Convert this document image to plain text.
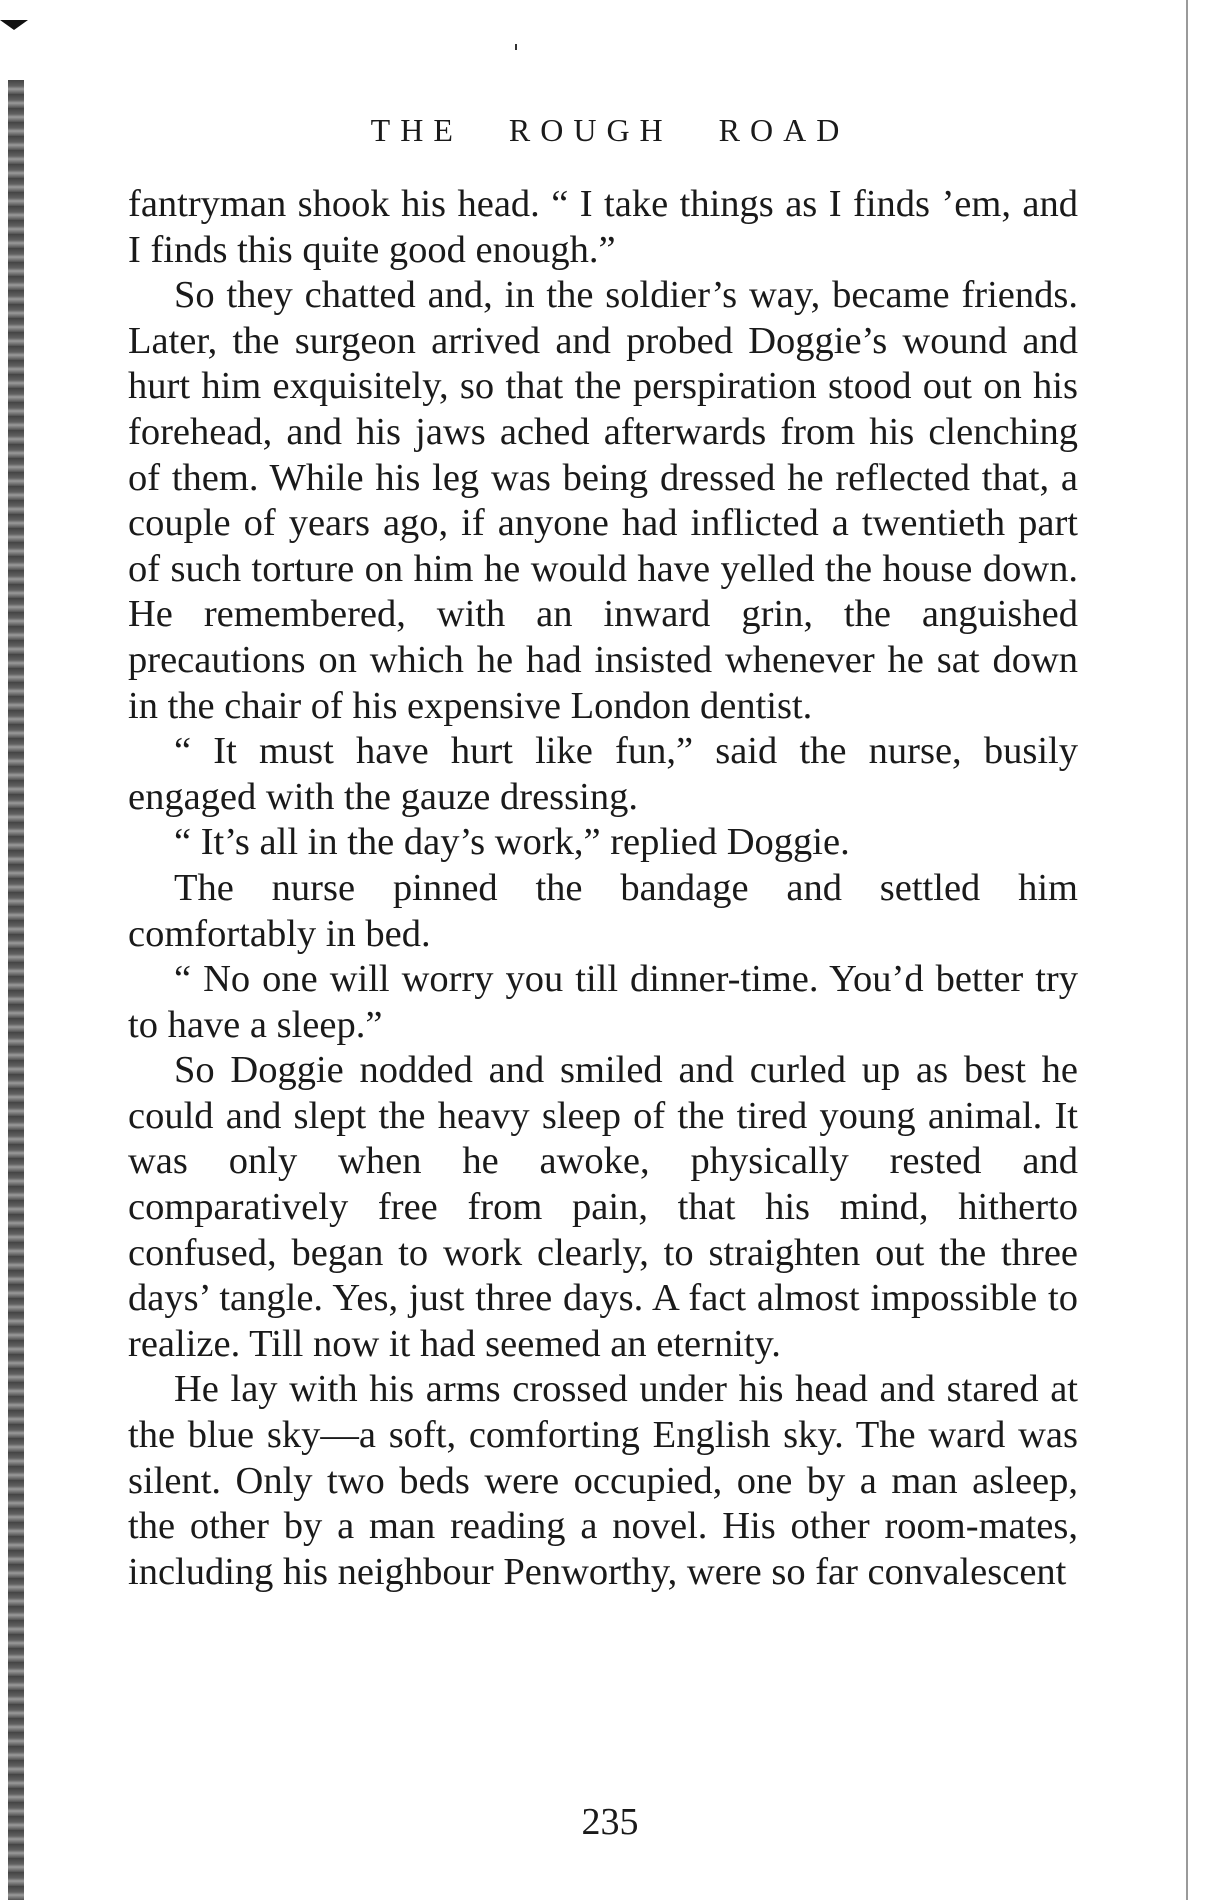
THE ROUGH ROAD

fantryman shook his head. “ I take things as I finds ’em, and I finds this quite good enough.”

So they chatted and, in the soldier’s way, became friends. Later, the surgeon arrived and probed Doggie’s wound and hurt him exquisitely, so that the perspiration stood out on his forehead, and his jaws ached afterwards from his clenching of them. While his leg was being dressed he reflected that, a couple of years ago, if anyone had inflicted a twentieth part of such torture on him he would have yelled the house down. He remembered, with an inward grin, the anguished precautions on which he had insisted whenever he sat down in the chair of his expensive London dentist.

“ It must have hurt like fun,” said the nurse, busily engaged with the gauze dressing.

“ It’s all in the day’s work,” replied Doggie.

The nurse pinned the bandage and settled him comfortably in bed.

“ No one will worry you till dinner-time. You’d better try to have a sleep.”

So Doggie nodded and smiled and curled up as best he could and slept the heavy sleep of the tired young animal. It was only when he awoke, physically rested and comparatively free from pain, that his mind, hitherto confused, began to work clearly, to straighten out the three days’ tangle. Yes, just three days. A fact almost impossible to realize. Till now it had seemed an eternity.

He lay with his arms crossed under his head and stared at the blue sky—a soft, comforting English sky. The ward was silent. Only two beds were occupied, one by a man asleep, the other by a man reading a novel. His other room-mates, including his neighbour Penworthy, were so far convalescent

235
